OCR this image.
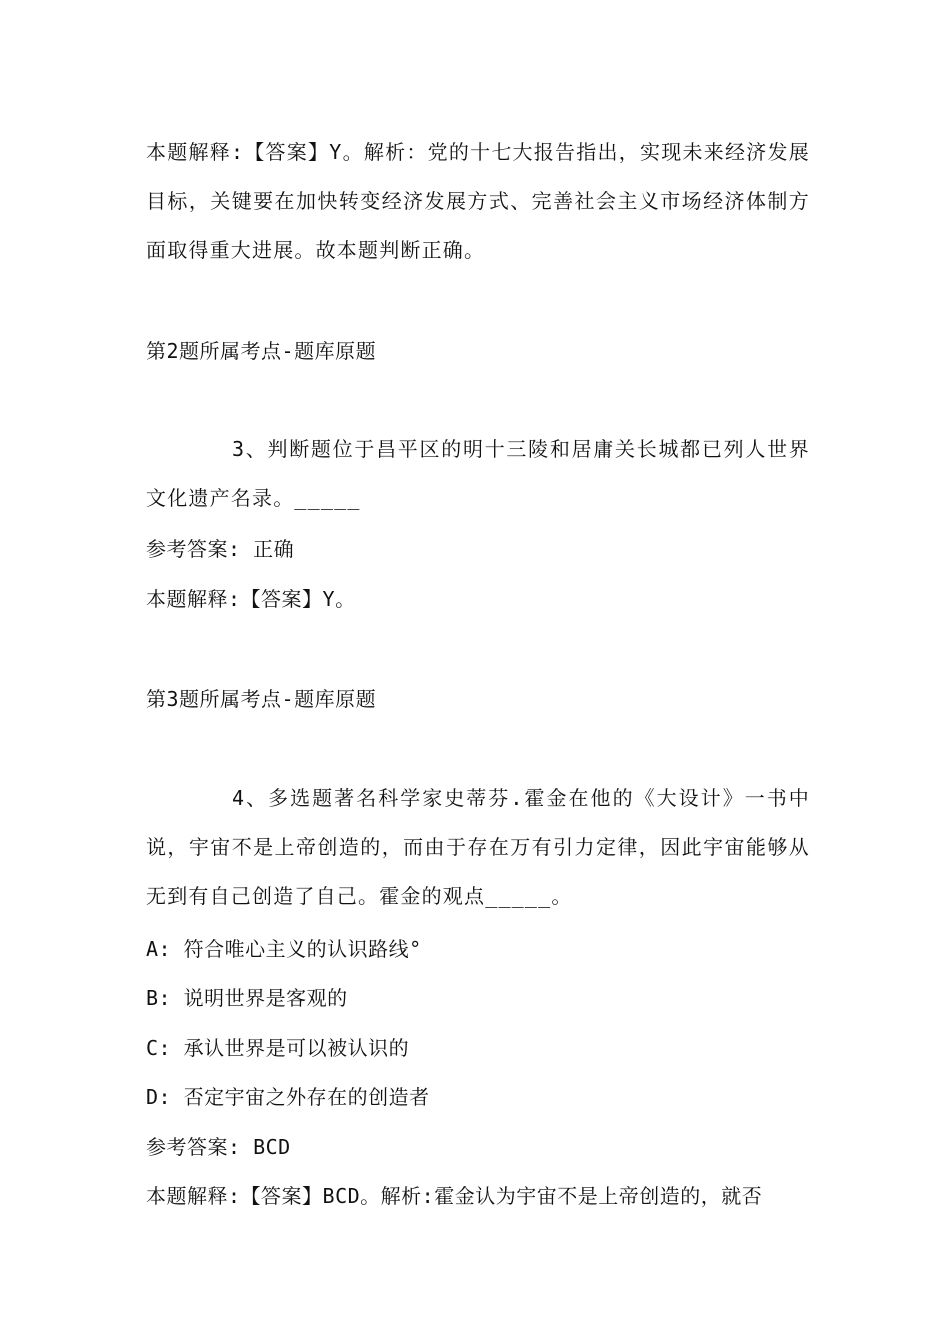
本题解释:【答案】Y。解析：党的十七大报告指出，实现未来经济发展目标，关键要在加快转变经济发展方式、完善社会主义市场经济体制方面取得重大进展。故本题判断正确。
第2题所属考点-题库原题
3、判断题位于昌平区的明十三陵和居庸关长城都已列人世界文化遗产名录。_____
参考答案: 正确
本题解释:【答案】Y。
第3题所属考点-题库原题
4、多选题著名科学家史蒂芬.霍金在他的《大设计》一书中说，宇宙不是上帝创造的，而由于存在万有引力定律，因此宇宙能够从无到有自己创造了自己。霍金的观点_____。
A: 符合唯心主义的认识路线°
B: 说明世界是客观的
C: 承认世界是可以被认识的
D: 否定宇宙之外存在的创造者
参考答案: BCD
本题解释:【答案】BCD。解析:霍金认为宇宙不是上帝创造的，就否
